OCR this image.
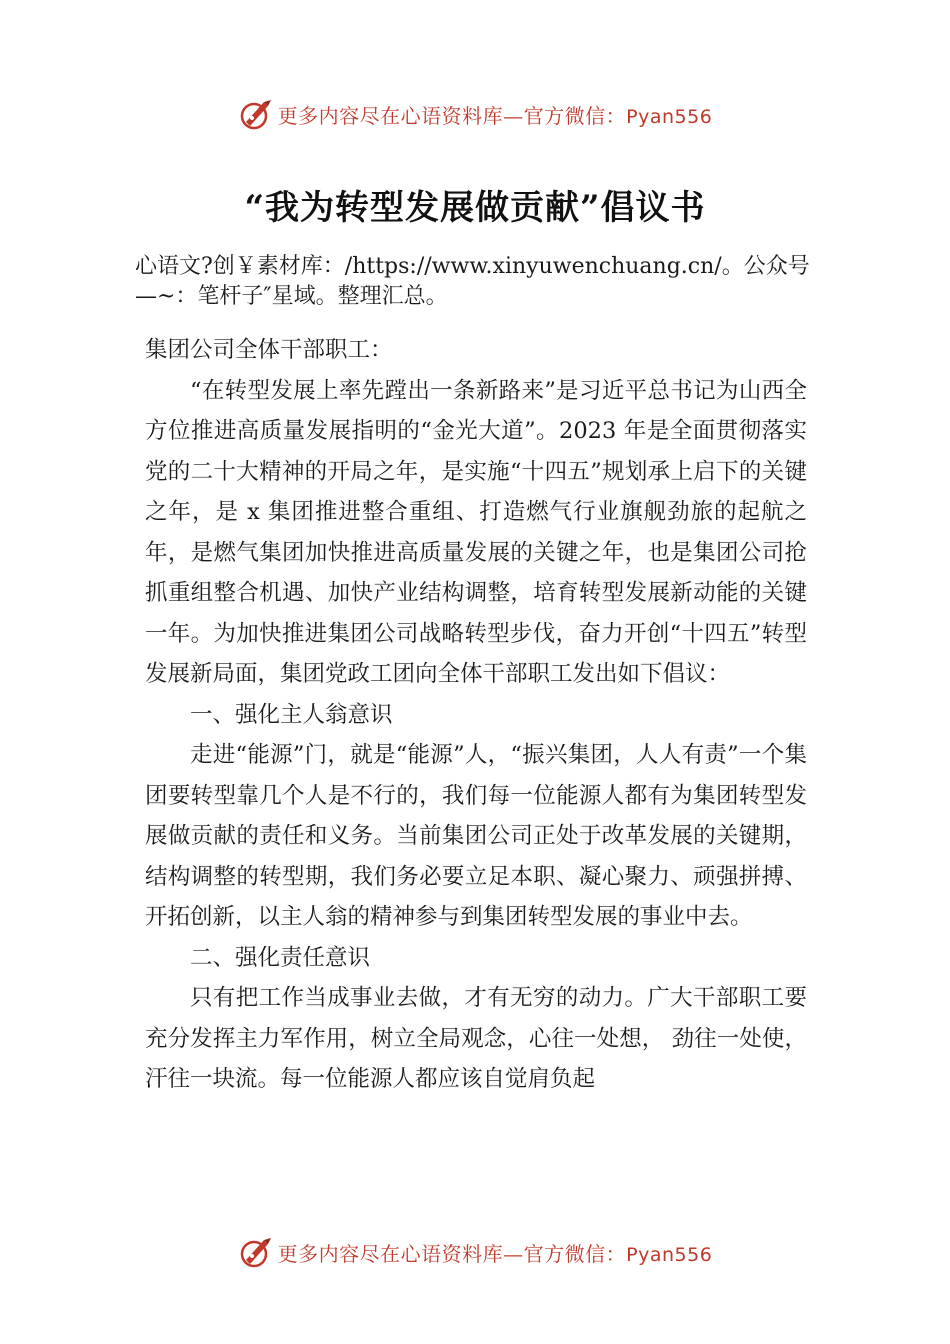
更多内容尽在心语资料库—官方微信：Pyan556
“我为转型发展做贡献”倡议书
心语文?创￥素材库：/https://www.xinyuwenchuang.cn/。公众号—~：笔杆子″星域。整理汇总。

集团公司全体干部职工：

“在转型发展上率先蹚出一条新路来”是习近平总书记为山西全方位推进高质量发展指明的“金光大道”。2023 年是全面贯彻落实党的二十大精神的开局之年，是实施“十四五”规划承上启下的关键之年，是 x 集团推进整合重组、打造燃气行业旗舰劲旅的起航之年，是燃气集团加快推进高质量发展的关键之年，也是集团公司抢抓重组整合机遇、加快产业结构调整，培育转型发展新动能的关键一年。为加快推进集团公司战略转型步伐，奋力开创“十四五”转型发展新局面，集团党政工团向全体干部职工发出如下倡议：

一、强化主人翁意识

走进“能源”门，就是“能源”人，“振兴集团，人人有责”一个集团要转型靠几个人是不行的，我们每一位能源人都有为集团转型发展做贡献的责任和义务。当前集团公司正处于改革发展的关键期，结构调整的转型期，我们务必要立足本职、凝心聚力、顽强拼搏、开拓创新，以主人翁的精神参与到集团转型发展的事业中去。

二、强化责任意识

只有把工作当成事业去做，才有无穷的动力。广大干部职工要充分发挥主力军作用，树立全局观念，心往一处想， 劲往一处使，汗往一块流。每一位能源人都应该自觉肩负起

更多内容尽在心语资料库—官方微信：Pyan556
